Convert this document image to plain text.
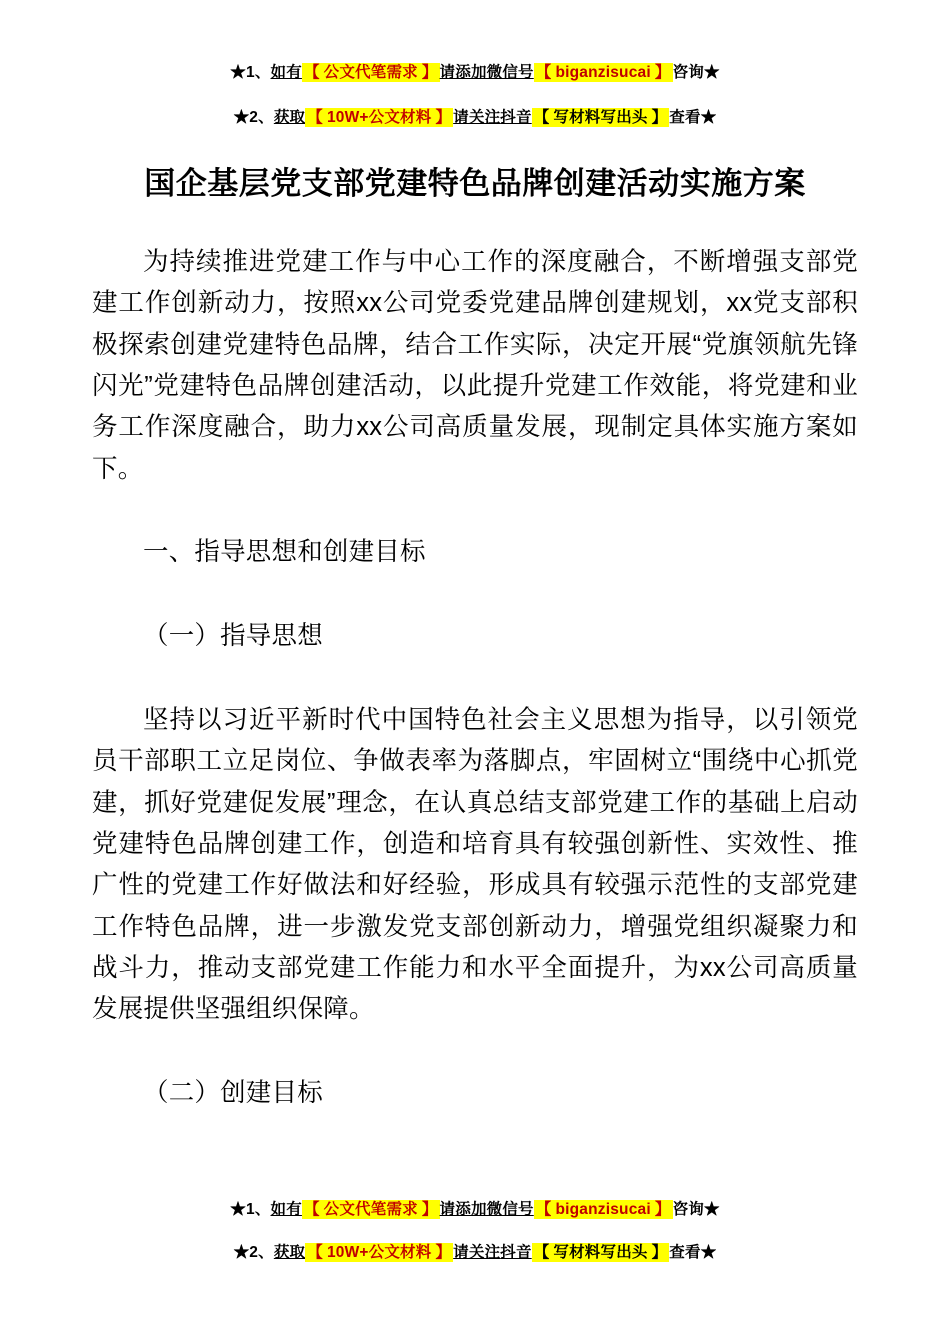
★1、如有 【 公文代笔需求 】 请添加微信号 【 biganzisucai 】 咨询★
★2、获取 【 10W+公文材料 】 请关注抖音 【 写材料写出头 】 查看★
国企基层党支部党建特色品牌创建活动实施方案

为持续推进党建工作与中心工作的深度融合，不断增强支部党建工作创新动力，按照xx公司党委党建品牌创建规划，xx党支部积极探索创建党建特色品牌，结合工作实际，决定开展“党旗领航先锋闪光”党建特色品牌创建活动，以此提升党建工作效能，将党建和业务工作深度融合，助力xx公司高质量发展，现制定具体实施方案如下。

一、指导思想和创建目标

（一）指导思想

坚持以习近平新时代中国特色社会主义思想为指导，以引领党员干部职工立足岗位、争做表率为落脚点，牢固树立“围绕中心抓党建，抓好党建促发展”理念，在认真总结支部党建工作的基础上启动党建特色品牌创建工作，创造和培育具有较强创新性、实效性、推广性的党建工作好做法和好经验，形成具有较强示范性的支部党建工作特色品牌，进一步激发党支部创新动力，增强党组织凝聚力和战斗力，推动支部党建工作能力和水平全面提升，为xx公司高质量发展提供坚强组织保障。

（二）创建目标

★1、如有 【 公文代笔需求 】 请添加微信号 【 biganzisucai 】 咨询★
★2、获取 【 10W+公文材料 】 请关注抖音 【 写材料写出头 】 查看★
